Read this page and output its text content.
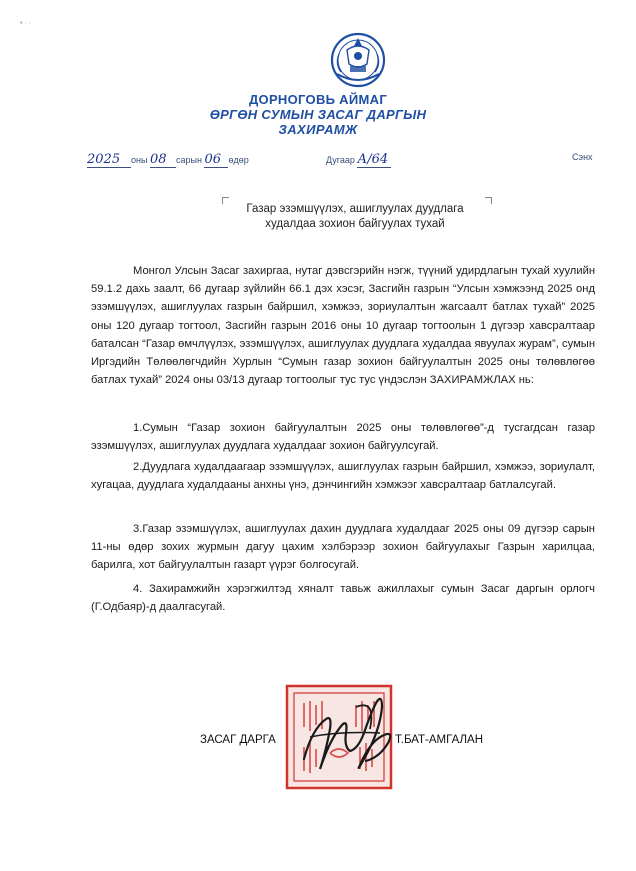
• · ·
ДОРНОГОВЬ АЙМАГ
ӨРГӨН СУМЫН ЗАСАГ ДАРГЫН
ЗАХИРАМЖ
2025 оны 08 сарын 06 өдөр	Дугаар А/64	Сэнх
Газар эзэмшүүлэх, ашиглуулах дуудлага
худалдаа зохион байгуулах тухай
Монгол Улсын Засаг захиргаа, нутаг дэвсгэрийн нэгж, түүний удирдлагын тухай хуулийн 59.1.2 дахь заалт, 66 дугаар зүйлийн 66.1 дэх хэсэг, Засгийн газрын “Улсын хэмжээнд 2025 онд эзэмшүүлэх, ашиглуулах газрын байршил, хэмжээ, зориулалтын жагсаалт батлах тухай” 2025 оны 120 дугаар тогтоол, Засгийн газрын 2016 оны 10 дугаар тогтоолын 1 дүгээр хавсралтаар баталсан “Газар өмчлүүлэх, эзэмшүүлэх, ашиглуулах дуудлага худалдаа явуулах журам”, сумын Иргэдийн Төлөөлөгчдийн Хурлын “Сумын газар зохион байгуулалтын 2025 оны төлөвлөгөө батлах тухай” 2024 оны 03/13 дугаар тогтоолыг тус тус үндэслэн ЗАХИРАМЖЛАХ нь:
1.Сумын “Газар зохион байгуулалтын 2025 оны төлөвлөгөө”-д тусгагдсан газар эзэмшүүлэх, ашиглуулах дуудлага худалдааг зохион байгуулсугай.
2.Дуудлага худалдаагаар эзэмшүүлэх, ашиглуулах газрын байршил, хэмжээ, зориулалт, хугацаа, дуудлага худалдааны анхны үнэ, дэнчингийн хэмжээг хавсралтаар батлалсугай.
3.Газар эзэмшүүлэх, ашиглуулах дахин дуудлага худалдааг 2025 оны 09 дүгээр сарын 11-ны өдөр зохих журмын дагуу цахим хэлбэрээр зохион байгуулахыг Газрын харилцаа, барилга, хот байгуулалтын газарт үүрэг болгосугай.
4. Захирамжийн хэрэгжилтэд хяналт тавьж ажиллахыг сумын Засаг даргын орлогч (Г.Одбаяр)-д даалгасугай.
ЗАСАГ ДАРГА	Т.БАТ-АМГАЛАН
